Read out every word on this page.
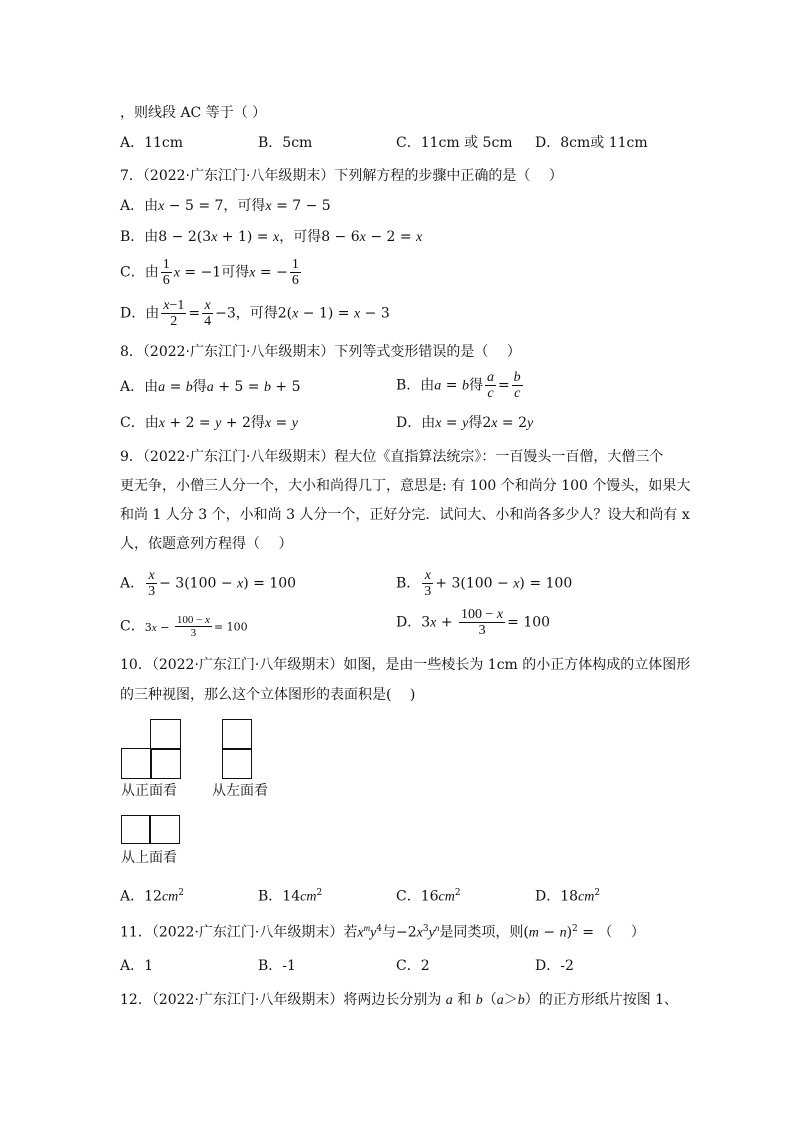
，则线段 AC 等于（ ）
A．11cm	B．5cm	C．11cm 或 5cm D．8cm或 11cm
7．（2022·广东江门·八年级期末）下列解方程的步骤中正确的是（　 ）
A．由x − 5 = 7，可得x = 7 − 5
B．由8 − 2(3x + 1) = x，可得8 − 6x − 2 = x
C．由 $\frac{1}{6}$ x = −1可得x = − $\frac{1}{6}$
D．由 $\frac{x-1}{2} = \frac{x}{4} -3$，可得2(x − 1) = x − 3
8．（2022·广东江门·八年级期末）下列等式变形错误的是（　 ）
A．由a = b得a + 5 = b + 5	B．由a = b得 $\frac{a}{c} = \frac{b}{c}$
C．由x + 2 = y + 2得x = y	D．由x = y得2x = 2y
9．（2022·广东江门·八年级期末）程大位《直指算法统宗》：一百馒头一百僧，大僧三个
更无争，小僧三人分一个，大小和尚得几丁，意思是: 有 100 个和尚分 100 个馒头，如果大
和尚 1 人分 3 个，小和尚 3 人分一个，正好分完．试问大、小和尚各多少人？设大和尚有 x
人，依题意列方程得（　 ）
A． $\frac{x}{3} - 3(100 - x) = 100$	B． $\frac{x}{3} + 3(100 - x) = 100$
C．$3x - \frac{100 - x}{3} = 100$	D．$3x + \frac{100 - x}{3} = 100$
10．（2022·广东江门·八年级期末）如图，是由一些棱长为 1cm 的小正方体构成的立体图形
的三种视图，那么这个立体图形的表面积是(　 )
从正面看	从左面看
从上面看
A．$12cm^2$	B．$14cm^2$	C．$16cm^2$	D．$18cm^2$
11．（2022·广东江门·八年级期末）若$x^my^4$与$-2x^3y^n$是同类项，则$(m - n)^2$ = （　 ）
A．1	B．-1	C．2	D．-2
12．（2022·广东江门·八年级期末）将两边长分别为 a 和 b（a＞b）的正方形纸片按图 1、
